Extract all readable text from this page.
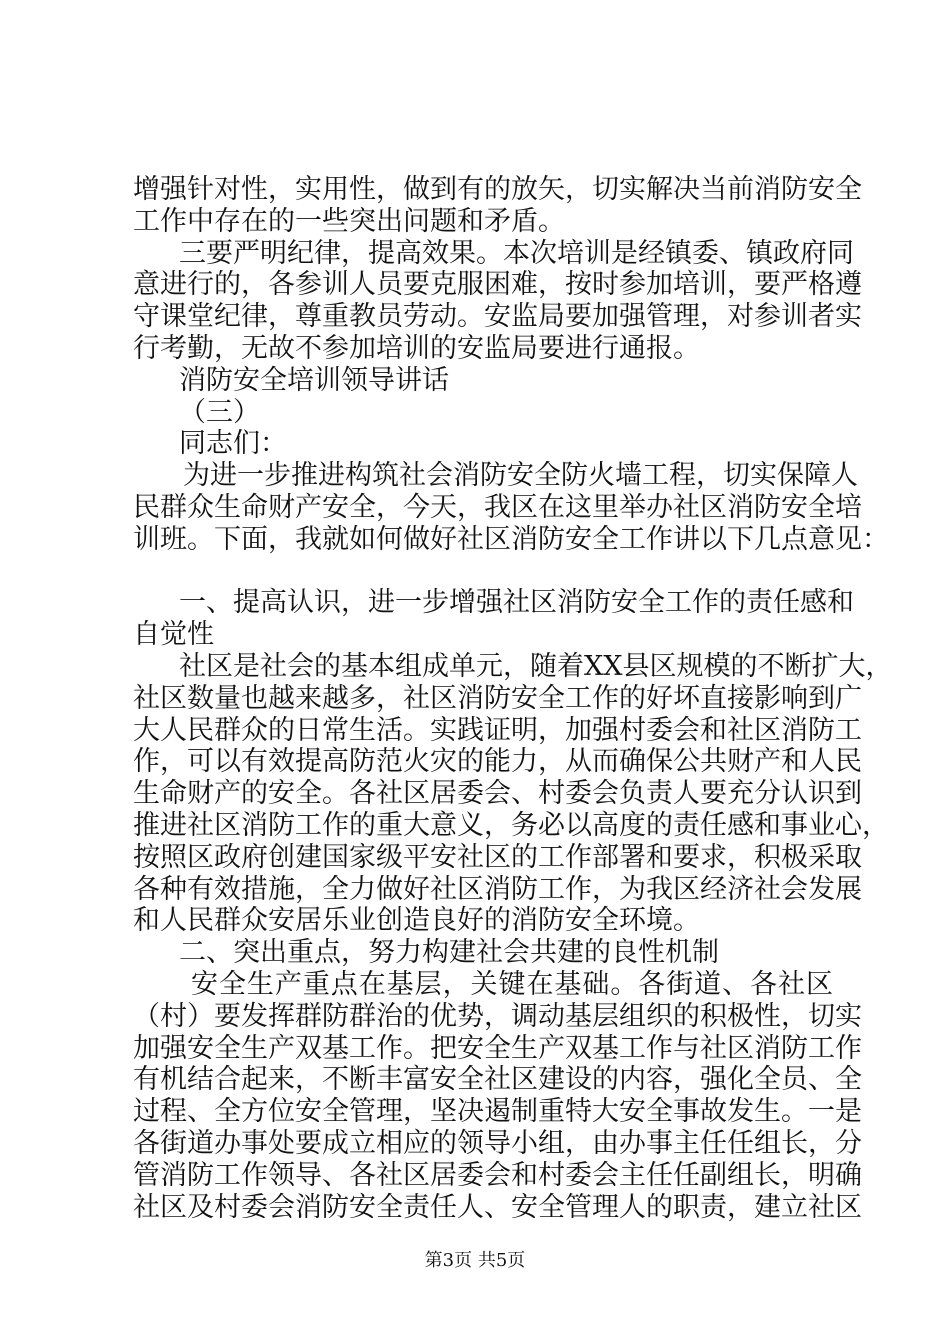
增强针对性，实用性，做到有的放矢，切实解决当前消防安全
工作中存在的一些突出问题和矛盾。
三要严明纪律，提高效果。本次培训是经镇委、镇政府同
意进行的，各参训人员要克服困难，按时参加培训，要严格遵
守课堂纪律，尊重教员劳动。安监局要加强管理，对参训者实
行考勤，无故不参加培训的安监局要进行通报。
消防安全培训领导讲话
（三）
同志们：
为进一步推进构筑社会消防安全防火墙工程，切实保障人
民群众生命财产安全，今天，我区在这里举办社区消防安全培
训班。下面，我就如何做好社区消防安全工作讲以下几点意见：
一、提高认识，进一步增强社区消防安全工作的责任感和
自觉性
社区是社会的基本组成单元，随着XX县区规模的不断扩大，
社区数量也越来越多，社区消防安全工作的好坏直接影响到广
大人民群众的日常生活。实践证明，加强村委会和社区消防工
作，可以有效提高防范火灾的能力，从而确保公共财产和人民
生命财产的安全。各社区居委会、村委会负责人要充分认识到
推进社区消防工作的重大意义，务必以高度的责任感和事业心，
按照区政府创建国家级平安社区的工作部署和要求，积极采取
各种有效措施，全力做好社区消防工作，为我区经济社会发展
和人民群众安居乐业创造良好的消防安全环境。
二、突出重点，努力构建社会共建的良性机制
安全生产重点在基层，关键在基础。各街道、各社区
（村）要发挥群防群治的优势，调动基层组织的积极性，切实
加强安全生产双基工作。把安全生产双基工作与社区消防工作
有机结合起来，不断丰富安全社区建设的内容，强化全员、全
过程、全方位安全管理，坚决遏制重特大安全事故发生。一是
各街道办事处要成立相应的领导小组，由办事主任任组长，分
管消防工作领导、各社区居委会和村委会主任任副组长，明确
社区及村委会消防安全责任人、安全管理人的职责，建立社区
第3页 共5页
